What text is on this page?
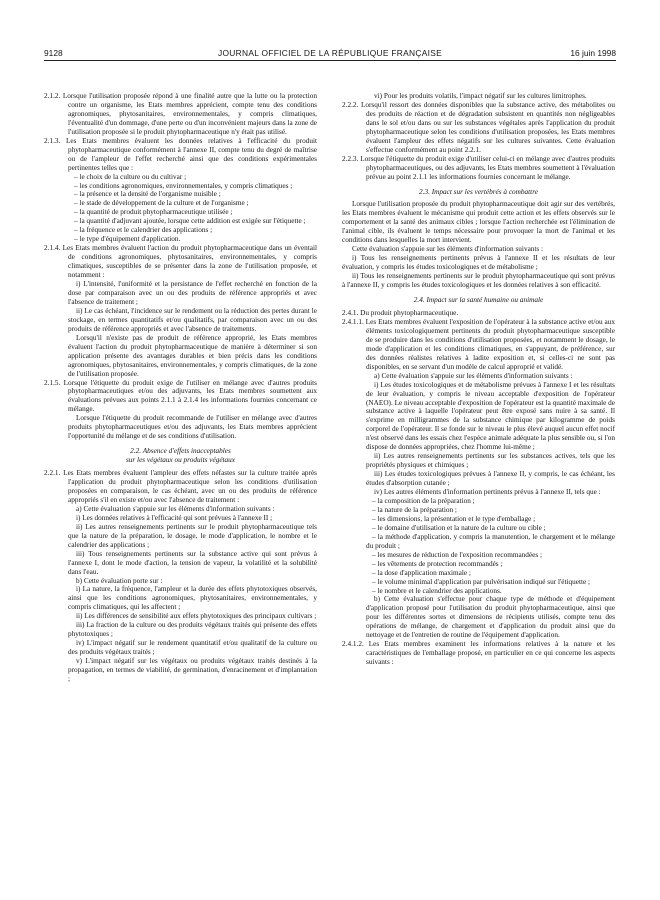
9128	JOURNAL OFFICIEL DE LA RÉPUBLIQUE FRANÇAISE	16 juin 1998

2.1.2. Lorsque l'utilisation proposée répond à une finalité autre que la lutte ou la protection contre un organisme, les Etats membres apprécient, compte tenu des conditions agronomiques, phytosanitaires, environnementales, y compris climatiques, l'éventualité d'un dommage, d'une perte ou d'un inconvénient majeurs dans la zone de l'utilisation proposée si le produit phytopharmaceutique n'y était pas utilisé.

2.1.3. Les Etats membres évaluent les données relatives à l'efficacité du produit phytopharmaceutique conformément à l'annexe II, compte tenu du degré de maîtrise ou de l'ampleur de l'effet recherché ainsi que des conditions expérimentales pertinentes telles que :

– le choix de la culture ou du cultivar ;

– les conditions agronomiques, environnementales, y compris climatiques ;

– la présence et la densité de l'organisme nuisible ;

– le stade de développement de la culture et de l'organisme ;

– la quantité de produit phytopharmaceutique utilisée ;

– la quantité d'adjuvant ajoutée, lorsque cette addition est exigée sur l'étiquette ;

– la fréquence et le calendrier des applications ;

– le type d'équipement d'application.

2.1.4. Les Etats membres évaluent l'action du produit phytopharmaceutique dans un éventail de conditions agronomiques, phytosanitaires, environnementales, y compris climatiques, susceptibles de se présenter dans la zone de l'utilisation proposée, et notamment :

i) L'intensité, l'uniformité et la persistance de l'effet recherché en fonction de la dose par comparaison avec un ou des produits de référence appropriés et avec l'absence de traitement ;

ii) Le cas échéant, l'incidence sur le rendement ou la réduction des pertes durant le stockage, en termes quantitatifs et/ou qualitatifs, par comparaison avec un ou des produits de référence appropriés et avec l'absence de traitements.

Lorsqu'il n'existe pas de produit de référence approprié, les Etats membres évaluent l'action du produit phytopharmaceutique de manière à déterminer si son application présente des avantages durables et bien précis dans les conditions agronomiques, phytosanitaires, environnementales, y compris climatiques, de la zone de l'utilisation proposée.

2.1.5. Lorsque l'étiquette du produit exige de l'utiliser en mélange avec d'autres produits phytopharmaceutiques et/ou des adjuvants, les Etats membres soumettent aux évaluations prévues aux points 2.1.1 à 2.1.4 les informations fournies concernant ce mélange.

Lorsque l'étiquette du produit recommande de l'utiliser en mélange avec d'autres produits phytopharmaceutiques et/ou des adjuvants, les Etats membres apprécient l'opportunité du mélange et de ses conditions d'utilisation.

2.2. Absence d'effets inacceptables
sur les végétaux ou produits végétaux

2.2.1. Les Etats membres évaluent l'ampleur des effets néfastes sur la culture traitée après l'application du produit phytopharmaceutique selon les conditions d'utilisation proposées en comparaison, le cas échéant, avec un ou des produits de référence appropriés s'il en existe et/ou avec l'absence de traitement :

a) Cette évaluation s'appuie sur les éléments d'information suivants :

i) Les données relatives à l'efficacité qui sont prévues à l'annexe II ;

ii) Les autres renseignements pertinents sur le produit phytopharmaceutique tels que la nature de la préparation, le dosage, le mode d'application, le nombre et le calendrier des applications ;

iii) Tous renseignements pertinents sur la substance active qui sont prévus à l'annexe I, dont le mode d'action, la tension de vapeur, la volatilité et la solubilité dans l'eau.

b) Cette évaluation porte sur :

i) La nature, la fréquence, l'ampleur et la durée des effets phytotoxiques observés, ainsi que les conditions agronomiques, phytosanitaires, environnementales, y compris climatiques, qui les affectent ;

ii) Les différences de sensibilité aux effets phytotoxiques des principaux cultivars ;

iii) La fraction de la culture ou des produits végétaux traités qui présente des effets phytotoxiques ;

iv) L'impact négatif sur le rendement quantitatif et/ou qualitatif de la culture ou des produits végétaux traités ;

v) L'impact négatif sur les végétaux ou produits végétaux traités destinés à la propagation, en termes de viabilité, de germination, d'enracinement et d'implantation ;

vi) Pour les produits volatils, l'impact négatif sur les cultures limitrophes.

2.2.2. Lorsqu'il ressort des données disponibles que la substance active, des métabolites ou des produits de réaction et de dégradation subsistent en quantités non négligeables dans le sol et/ou dans ou sur les substances végétales après l'application du produit phytopharmaceutique selon les conditions d'utilisation proposées, les Etats membres évaluent l'ampleur des effets négatifs sur les cultures suivantes. Cette évaluation s'effectue conformément au point 2.2.1.

2.2.3. Lorsque l'étiquette du produit exige d'utiliser celui-ci en mélange avec d'autres produits phytopharmaceutiques, ou des adjuvants, les Etats membres soumettent à l'évaluation prévue au point 2.1.1 les informations fournies concernant le mélange.

2.3. Impact sur les vertébrés à combattre

Lorsque l'utilisation proposée du produit phytopharmaceutique doit agir sur des vertébrés, les Etats membres évaluent le mécanisme qui produit cette action et les effets observés sur le comportement et la santé des animaux cibles ; lorsque l'action recherchée est l'élimination de l'animal cible, ils évaluent le temps nécessaire pour provoquer la mort de l'animal et les conditions dans lesquelles la mort intervient.

Cette évaluation s'appuie sur les éléments d'information suivants :

i) Tous les renseignements pertinents prévus à l'annexe II et les résultats de leur évaluation, y compris les études toxicologiques et de métabolisme ;

ii) Tous les renseignements pertinents sur le produit phytopharmaceutique qui sont prévus à l'annexe II, y compris les études toxicologiques et les données relatives à son efficacité.

2.4. Impact sur la santé humaine ou animale

2.4.1. Du produit phytopharmaceutique.

2.4.1.1. Les Etats membres évaluent l'exposition de l'opérateur à la substance active et/ou aux éléments toxicologiquement pertinents du produit phytopharmaceutique susceptible de se produire dans les conditions d'utilisation proposées, et notamment le dosage, le mode d'application et les conditions climatiques, en s'appuyant, de préférence, sur des données réalistes relatives à ladite exposition et, si celles-ci ne sont pas disponibles, en se servant d'un modèle de calcul approprié et validé.

a) Cette évaluation s'appuie sur les éléments d'information suivants :

i) Les études toxicologiques et de métabolisme prévues à l'annexe I et les résultats de leur évaluation, y compris le niveau acceptable d'exposition de l'opérateur (NAEO). Le niveau acceptable d'exposition de l'opérateur est la quantité maximale de substance active à laquelle l'opérateur peut être exposé sans nuire à sa santé. Il s'exprime en milligrammes de la substance chimique par kilogramme de poids corporel de l'opérateur. Il se fonde sur le niveau le plus élevé auquel aucun effet nocif n'est observé dans les essais chez l'espèce animale adéquate la plus sensible ou, si l'on dispose de données appropriées, chez l'homme lui-même ;

ii) Les autres renseignements pertinents sur les substances actives, tels que les propriétés physiques et chimiques ;

iii) Les études toxicologiques prévues à l'annexe II, y compris, le cas échéant, les études d'absorption cutanée ;

iv) Les autres éléments d'information pertinents prévus à l'annexe II, tels que :

– la composition de la préparation ;

– la nature de la préparation ;

– les dimensions, la présentation et le type d'emballage ;

– le domaine d'utilisation et la nature de la culture ou cible ;

– la méthode d'application, y compris la manutention, le chargement et le mélange du produit ;

– les mesures de réduction de l'exposition recommandées ;

– les vêtements de protection recommandés ;

– la dose d'application maximale ;

– le volume minimal d'application par pulvérisation indiqué sur l'étiquette ;

– le nombre et le calendrier des applications.

b) Cette évaluation s'effectue pour chaque type de méthode et d'équipement d'application proposé pour l'utilisation du produit phytopharmaceutique, ainsi que pour les différentes sortes et dimensions de récipients utilisés, compte tenu des opérations de mélange, de chargement et d'application du produit ainsi que du nettoyage et de l'entretien de routine de l'équipement d'application.

2.4.1.2. Les Etats membres examinent les informations relatives à la nature et les caractéristiques de l'emballage proposé, en particulier en ce qui concerne les aspects suivants :
